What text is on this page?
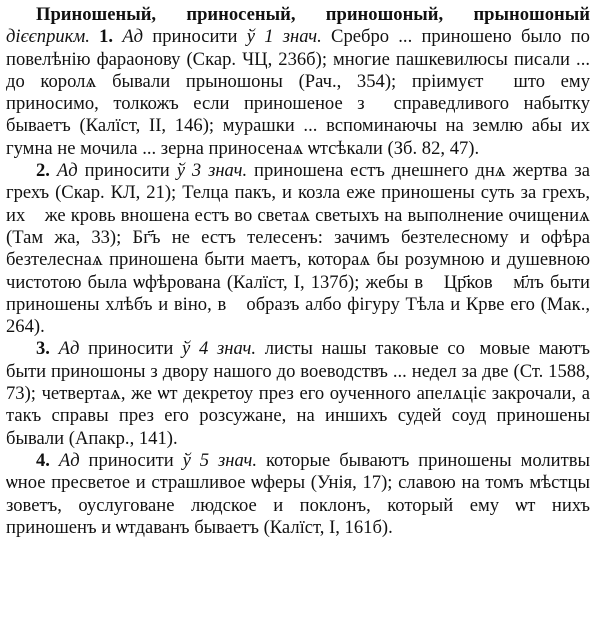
Приношеный, приносеный, приношоный, прыношоный дієєприкм. 1. Ад приносити ў 1 знач. Сребро ... приношено было по повелѣнію фараонову (Скар. ЧЦ, 236б); многие пашкевилюсы писали ... до королѧ бывали прыношоны (Рач., 354); пріимуєтⷭ што ему приносимо, толкожъ если приношеное зⷭ справедливого набытку бываетъ (Калїст, II, 146); мурашки ... вспоминаючы на землю абы их гумна не мочила ... зерна приносенаѧ ѡтсѣкали (Зб. 82, 47).

2. Ад приносити ў 3 знач. приношена естъ днешнего днѧ жертва за грехъ (Скар. КЛ, 21); Телца пакъ, и козла еже приношены суть за грехъ, ихⷭ же кровь вношена естъ во светаѧ светыхъ на выполнение очищениѧ (Там жа, 33); Бг҃ъ не естъ телесенъ: зачимъ безтелесному и офѣра безтелеснаѧ приношена быти маетъ, котораѧ бы розумною и душевною чистотою была ѡфѣрована (Калїст, I, 137б); жебы вⷭ Цр҃ковⷭ м҃лъ быти приношены хлѣбъ и віно, вⷭ образъ албо фігуру Тѣла и Крве его (Мак., 264).

3. Ад приносити ў 4 знач. листы нашы таковые соⷭмовые маютъ быти приношоны з двору нашого до воеводствъ ... недел за две (Ст. 1588, 73); четвертаѧ, же ѡт декретоу през его оученного апелѧціє закрочали, а такъ справы през его розсужане, на иншихъ судей соуд приношены бывали (Апакр., 141).

4. Ад приносити ў 5 знач. которые бываютъ приношены молитвы ѡное пресветое и страшливое ѡферы (Унія, 17); славою на томъ мѣстцы зоветъ, оуслуговане людское и поклонъ, который ему ѡт нихъ приношенъ и ѡтдаванъ бываетъ (Калїст, I, 161б).
